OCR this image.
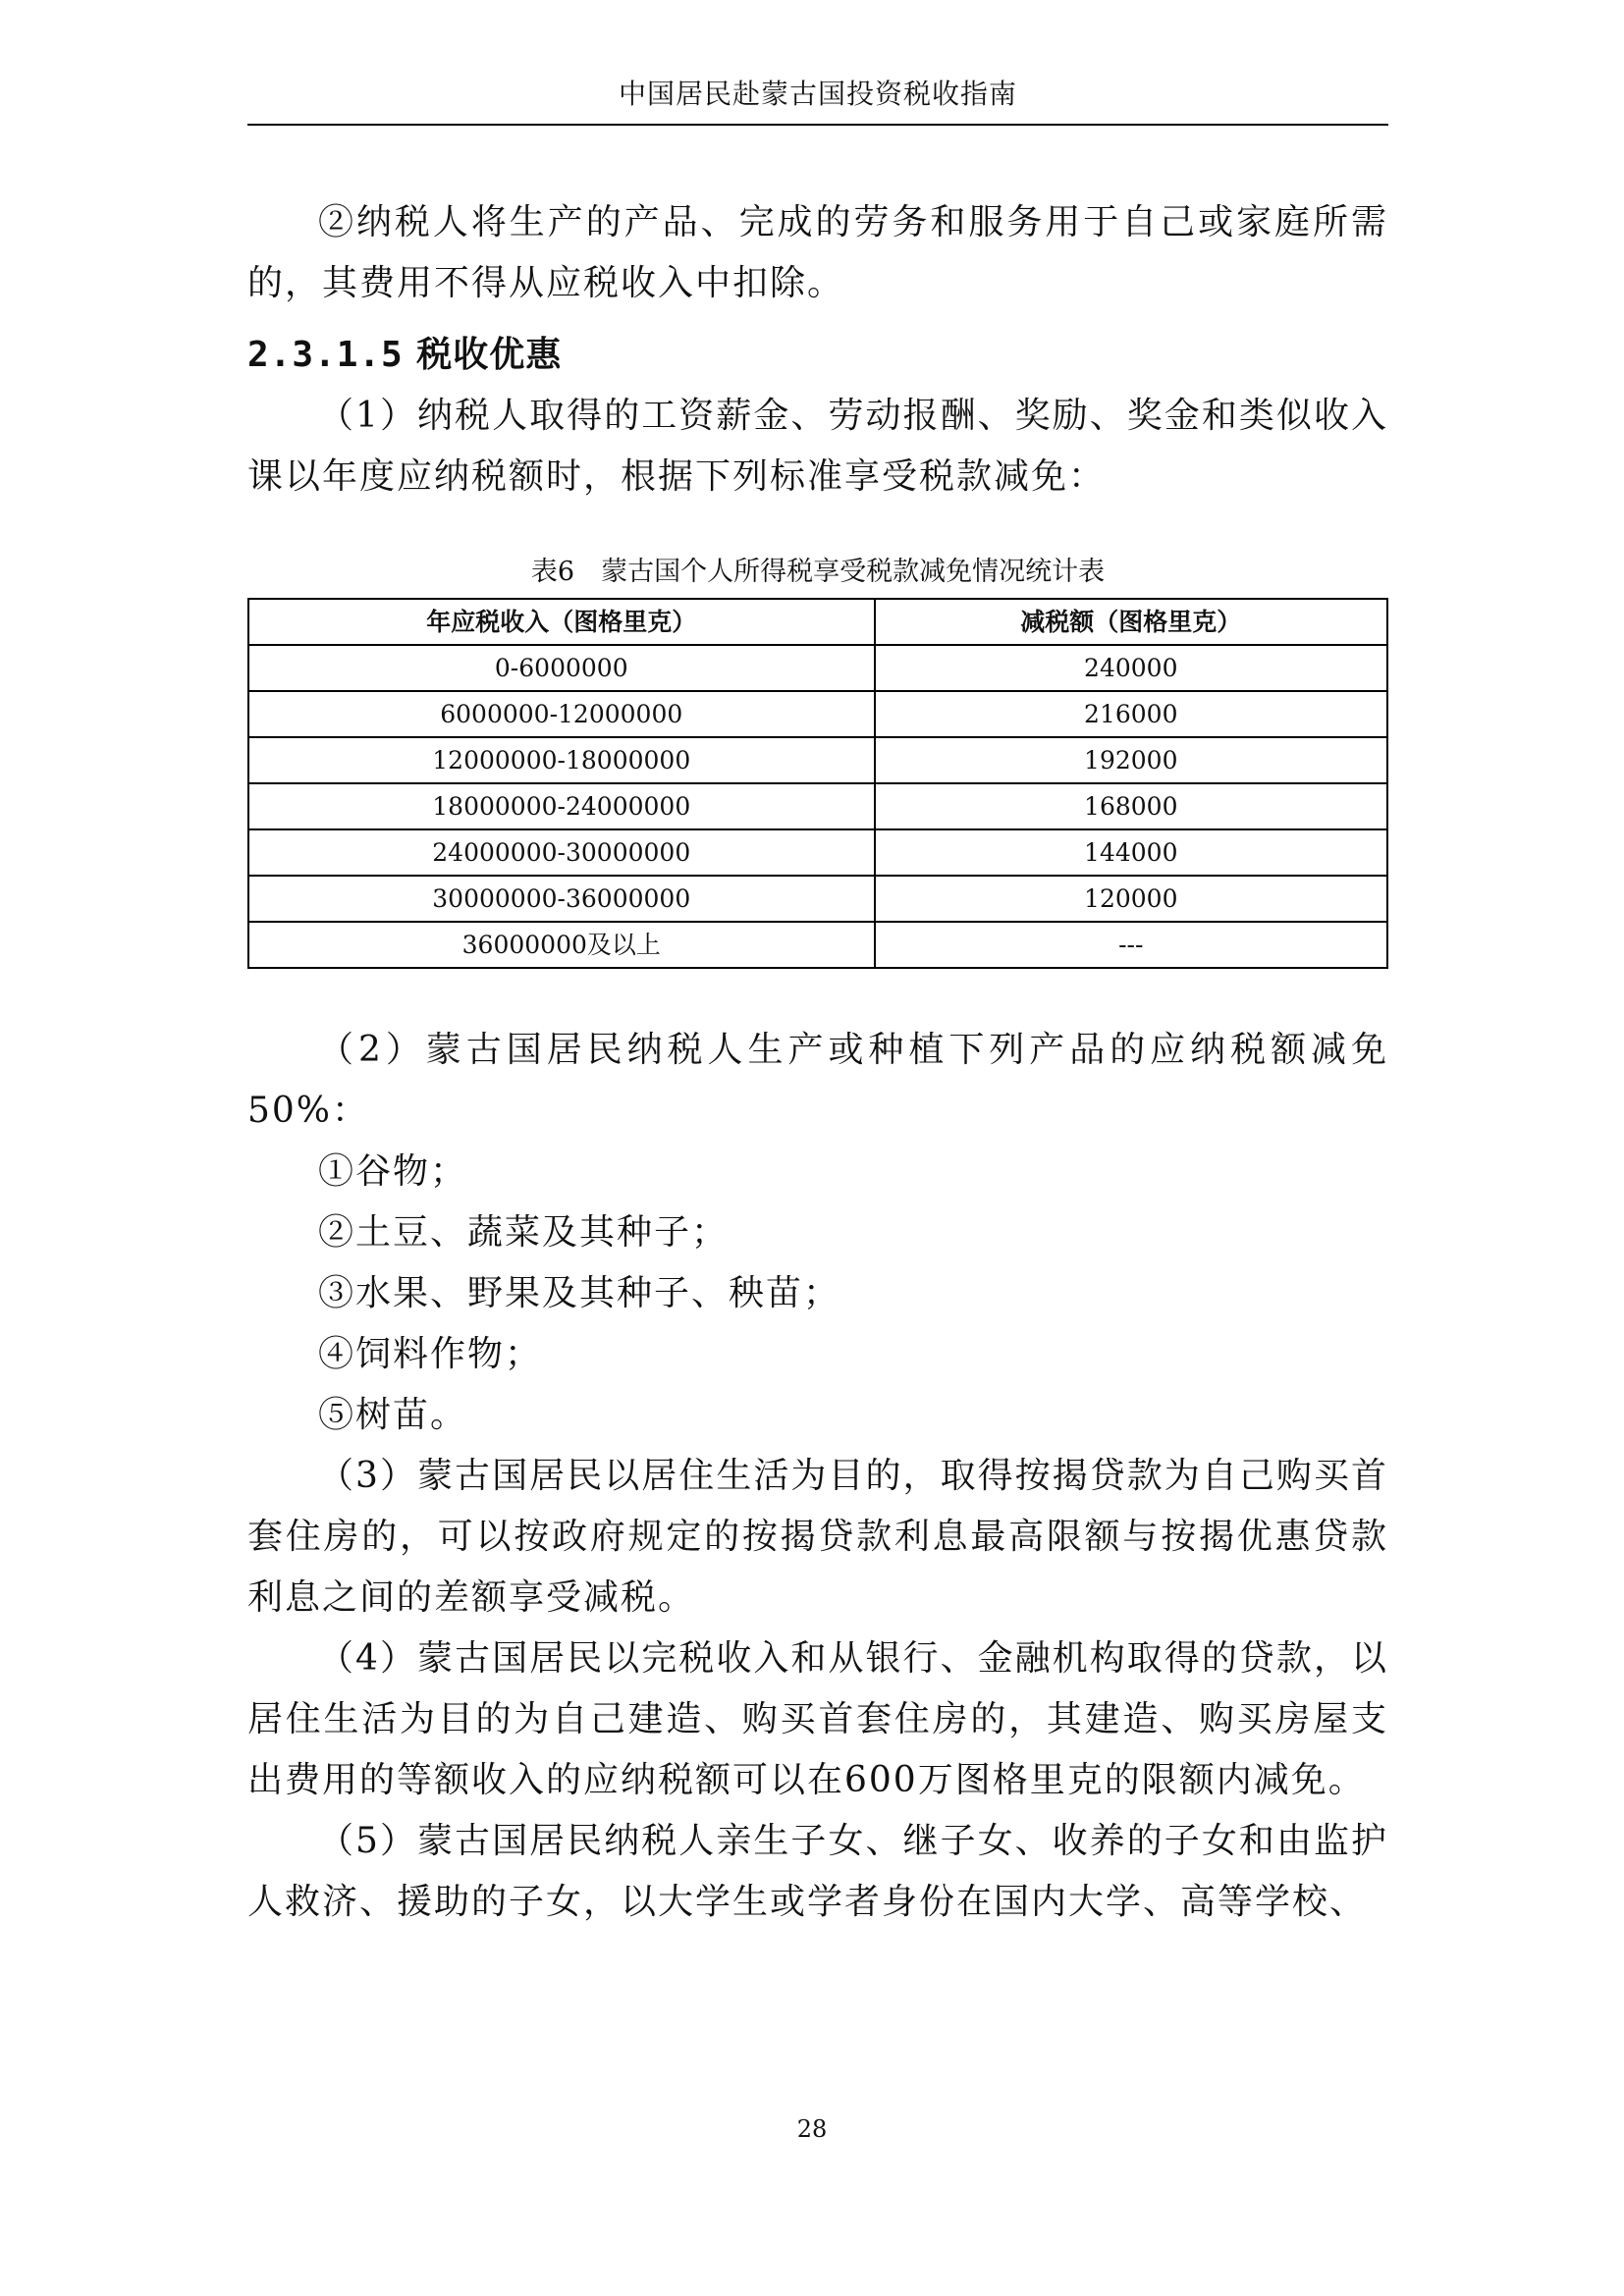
中国居民赴蒙古国投资税收指南

②纳税人将生产的产品、完成的劳务和服务用于自己或家庭所需的，其费用不得从应税收入中扣除。

2.3.1.5 税收优惠

（1）纳税人取得的工资薪金、劳动报酬、奖励、奖金和类似收入课以年度应纳税额时，根据下列标准享受税款减免：

表6　蒙古国个人所得税享受税款减免情况统计表

年应税收入（图格里克）	减税额（图格里克）
0-6000000	240000
6000000-12000000	216000
12000000-18000000	192000
18000000-24000000	168000
24000000-30000000	144000
30000000-36000000	120000
36000000及以上	---

（2）蒙古国居民纳税人生产或种植下列产品的应纳税额减免50%：

①谷物；

②土豆、蔬菜及其种子；

③水果、野果及其种子、秧苗；

④饲料作物；

⑤树苗。

（3）蒙古国居民以居住生活为目的，取得按揭贷款为自己购买首套住房的，可以按政府规定的按揭贷款利息最高限额与按揭优惠贷款利息之间的差额享受减税。

（4）蒙古国居民以完税收入和从银行、金融机构取得的贷款，以居住生活为目的为自己建造、购买首套住房的，其建造、购买房屋支出费用的等额收入的应纳税额可以在600万图格里克的限额内减免。

（5）蒙古国居民纳税人亲生子女、继子女、收养的子女和由监护人救济、援助的子女，以大学生或学者身份在国内大学、高等学校、

28
